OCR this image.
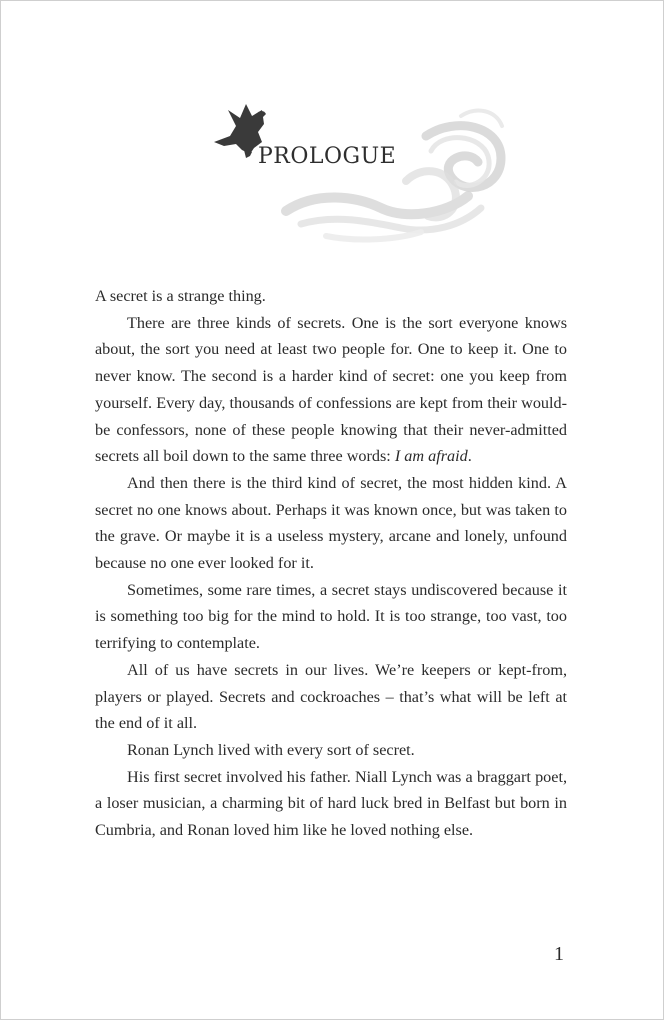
PROLOGUE

A secret is a strange thing.

There are three kinds of secrets. One is the sort everyone knows about, the sort you need at least two people for. One to keep it. One to never know. The second is a harder kind of secret: one you keep from yourself. Every day, thousands of confessions are kept from their would-be confessors, none of these people knowing that their never-admitted secrets all boil down to the same three words: I am afraid.

And then there is the third kind of secret, the most hidden kind. A secret no one knows about. Perhaps it was known once, but was taken to the grave. Or maybe it is a useless mystery, arcane and lonely, unfound because no one ever looked for it.

Sometimes, some rare times, a secret stays undiscovered because it is something too big for the mind to hold. It is too strange, too vast, too terrifying to contemplate.

All of us have secrets in our lives. We’re keepers or kept-from, players or played. Secrets and cockroaches – that’s what will be left at the end of it all.

Ronan Lynch lived with every sort of secret.

His first secret involved his father. Niall Lynch was a braggart poet, a loser musician, a charming bit of hard luck bred in Belfast but born in Cumbria, and Ronan loved him like he loved nothing else.

1
